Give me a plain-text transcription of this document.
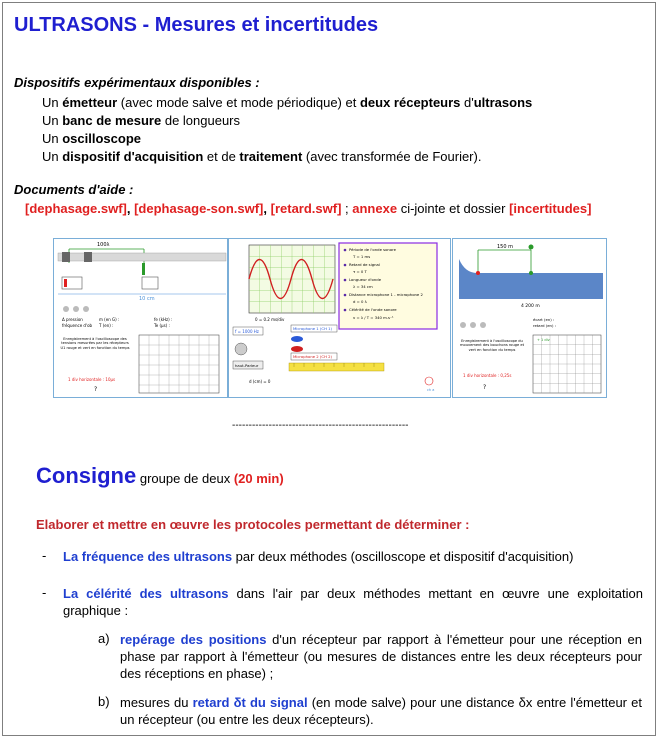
ULTRASONS - Mesures et incertitudes
Dispositifs expérimentaux disponibles :
Un émetteur (avec mode salve et mode périodique) et deux récepteurs d'ultrasons
Un banc de mesure de longueurs
Un oscilloscope
Un dispositif d'acquisition et de traitement (avec transformée de Fourier).
Documents d'aide :
[dephasage.swf], [dephasage-son.swf], [retard.swf] ; annexe ci-jointe et dossier [incertitudes]
100λ
10 cm
Δ pression
fréquence d'ob
m (en G) :
T (en) :
fe (kHz) :
Te (µs) :
Enregistrement à l'oscilloscope des tensions mesurées par les récepteurs U1 rouge et vert en fonction du temps
1 div horizontale : 10µs
?
0 = 0.2 ms/div
Période de l'onde sonore
T = 1 ms
Retard de signal
τ = 0 T
Longueur d'onde
λ = 34 cm
Distance microphone 1 - microphone 2
d = 0 λ
Célérité de l'onde sonore
v = λ / T = 340 m.s⁻¹
f = 1000 Hz
haut-Parleur
Microphone 1 (CH 1)
Microphone 2 (CH 2)
d (cm) = 0
ch a
150 m
4 200 m
écart (en) :
retard (en) :
Enregistrement à l'oscilloscope du mouvement des bouchons rouge et vert en fonction du temps
1 div horizontale : 0,25s
?
+ 1 div
-----------------------------------------------------
Consigne groupe de deux (20 min)
Elaborer et mettre en œuvre les protocoles permettant de déterminer :
- La fréquence des ultrasons par deux méthodes (oscilloscope et dispositif d'acquisition)
- La célérité des ultrasons dans l'air par deux méthodes mettant en œuvre une exploitation graphique :
a) repérage des positions d'un récepteur par rapport à l'émetteur pour une réception en phase par rapport à l'émetteur (ou mesures de distances entre les deux récepteurs pour des réceptions en phase) ;
b) mesures du retard δt du signal (en mode salve) pour une distance δx entre l'émetteur et un récepteur (ou entre les deux récepteurs).
